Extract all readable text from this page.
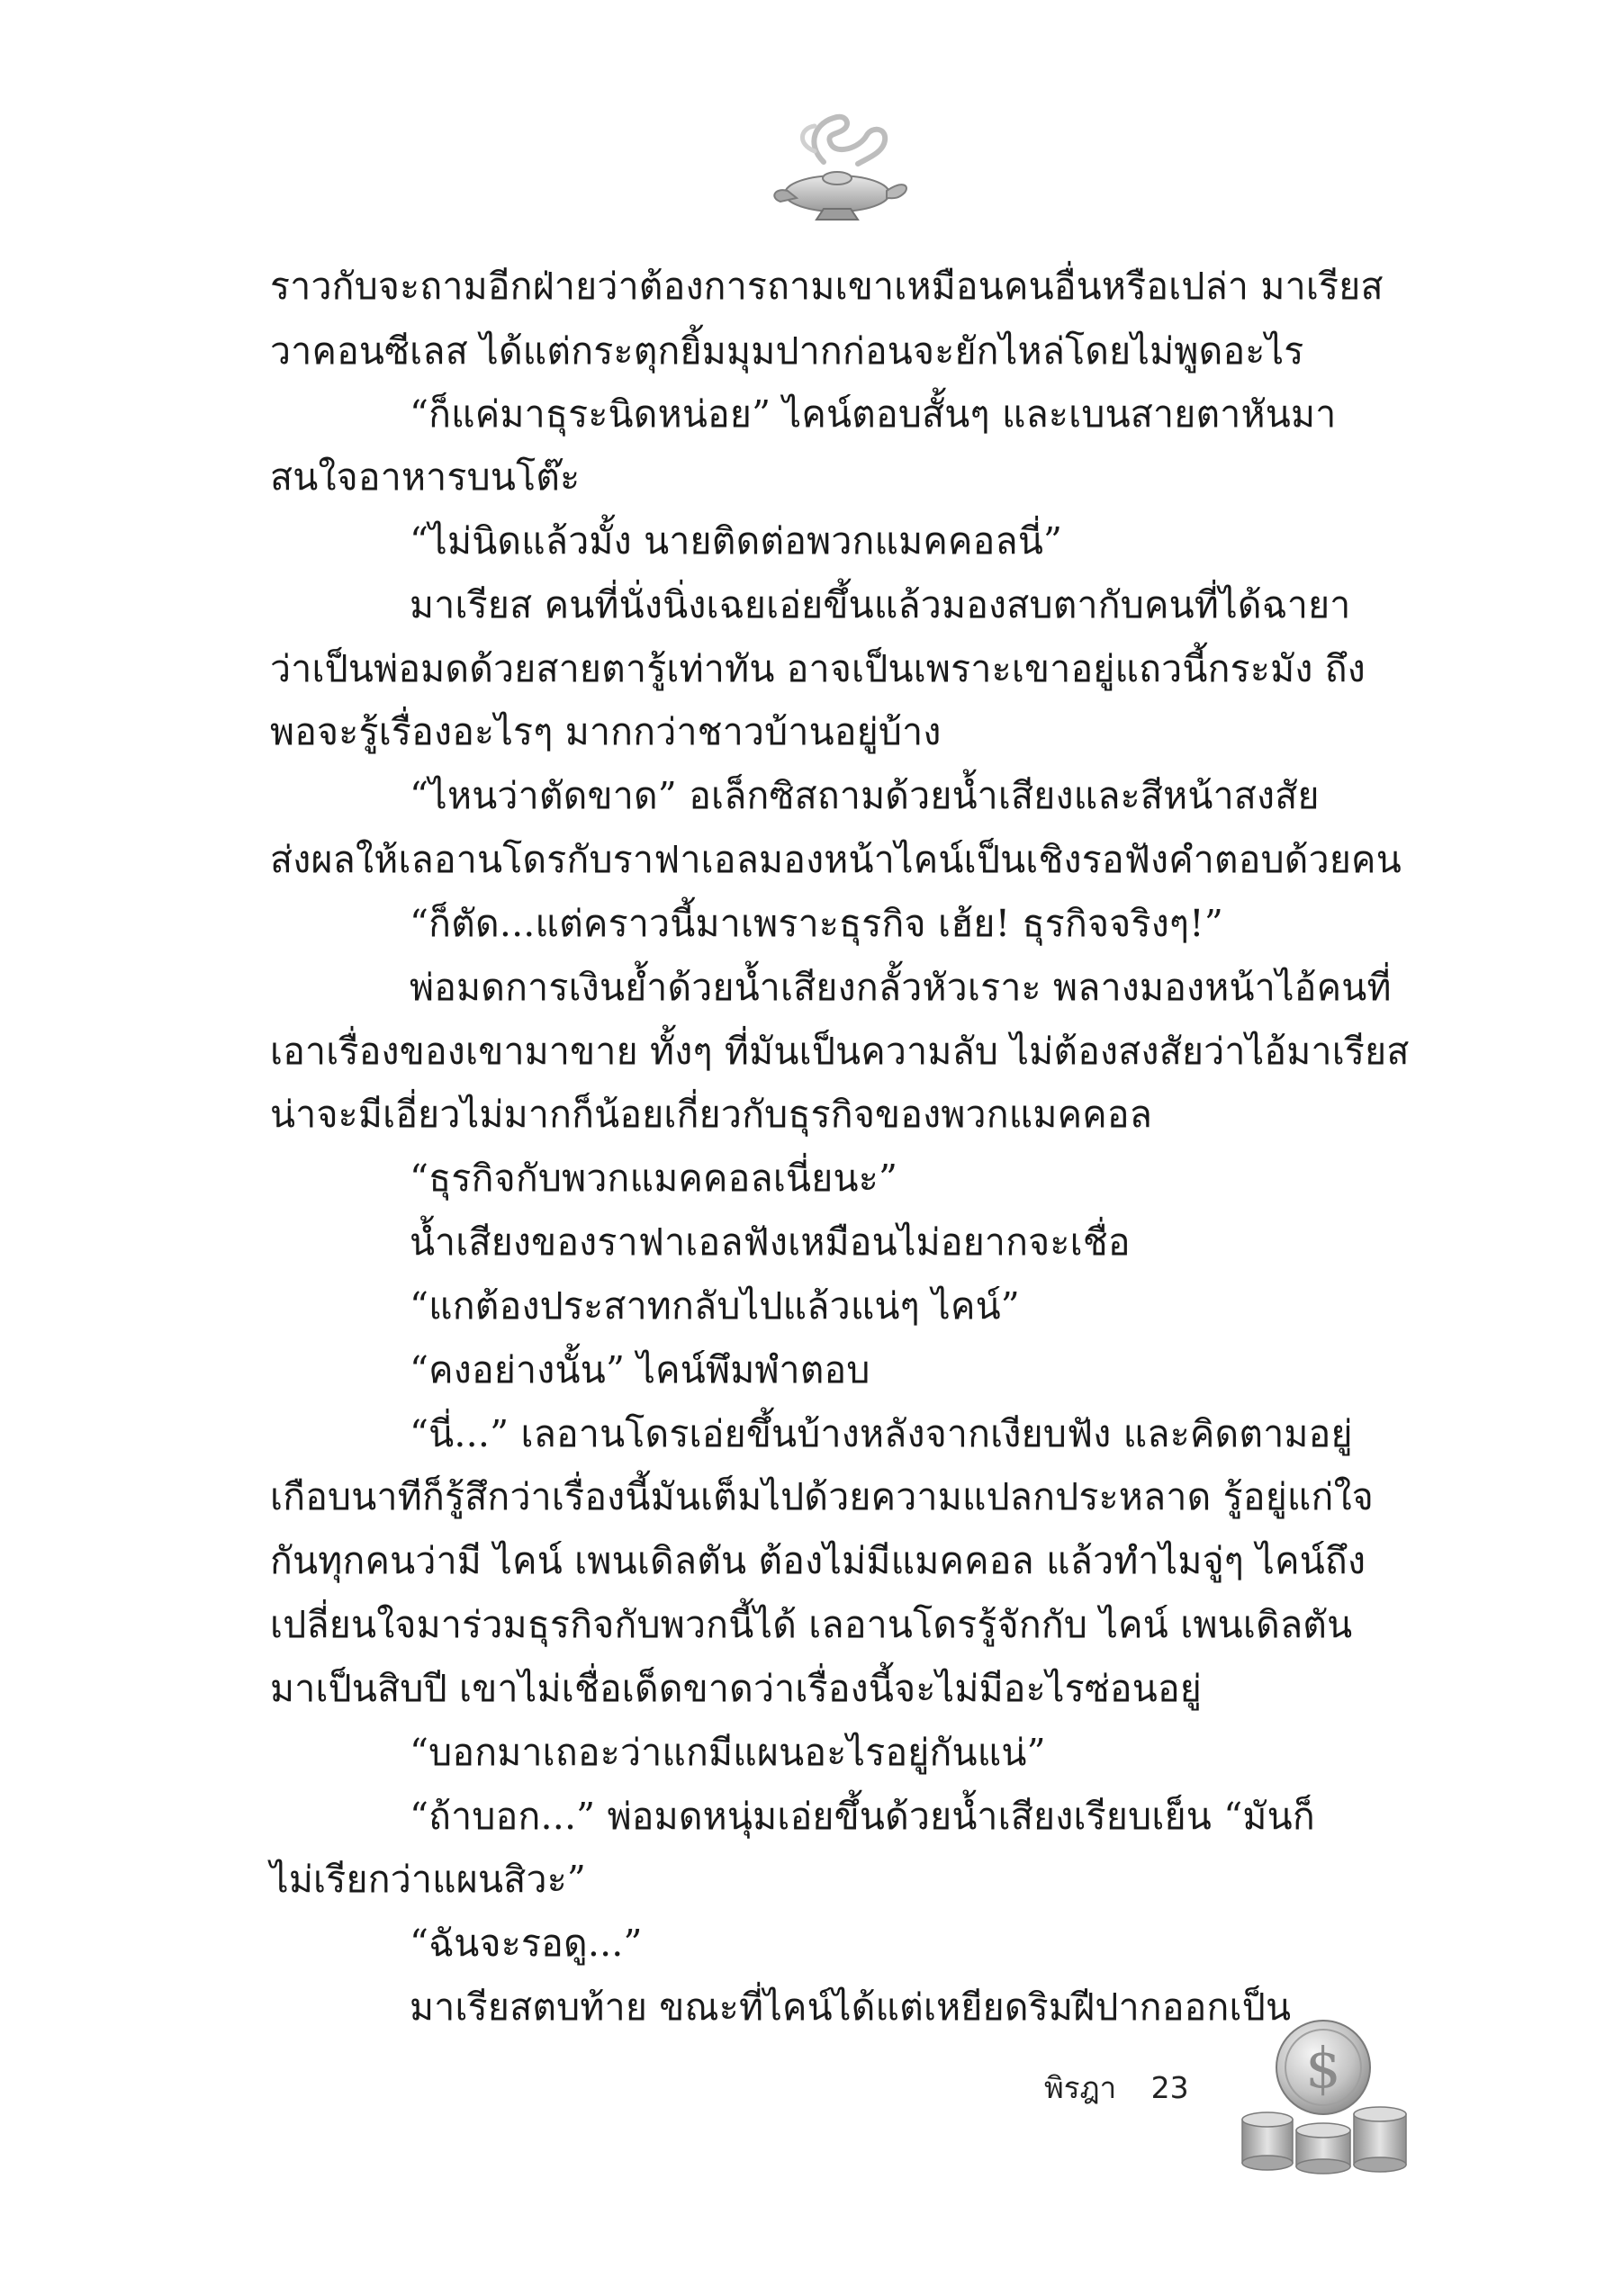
ราวกับจะถามอีกฝ่ายว่าต้องการถามเขาเหมือนคนอื่นหรือเปล่า มาเรียส
วาคอนซีเลส ได้แต่กระตุกยิ้มมุมปากก่อนจะยักไหล่โดยไม่พูดอะไร
“ก็แค่มาธุระนิดหน่อย” ไคน์ตอบสั้นๆ และเบนสายตาหันมา
สนใจอาหารบนโต๊ะ
“ไม่นิดแล้วมั้ง นายติดต่อพวกแมคคอลนี่”
มาเรียส คนที่นั่งนิ่งเฉยเอ่ยขึ้นแล้วมองสบตากับคนที่ได้ฉายา
ว่าเป็นพ่อมดด้วยสายตารู้เท่าทัน อาจเป็นเพราะเขาอยู่แถวนี้กระมัง ถึง
พอจะรู้เรื่องอะไรๆ มากกว่าชาวบ้านอยู่บ้าง
“ไหนว่าตัดขาด” อเล็กซิสถามด้วยน้ำเสียงและสีหน้าสงสัย
ส่งผลให้เลอานโดรกับราฟาเอลมองหน้าไคน์เป็นเชิงรอฟังคำตอบด้วยคน
“ก็ตัด...แต่คราวนี้มาเพราะธุรกิจ เฮ้ย! ธุรกิจจริงๆ!”
พ่อมดการเงินย้ำด้วยน้ำเสียงกลั้วหัวเราะ พลางมองหน้าไอ้คนที่
เอาเรื่องของเขามาขาย ทั้งๆ ที่มันเป็นความลับ ไม่ต้องสงสัยว่าไอ้มาเรียส
น่าจะมีเอี่ยวไม่มากก็น้อยเกี่ยวกับธุรกิจของพวกแมคคอล
“ธุรกิจกับพวกแมคคอลเนี่ยนะ”
น้ำเสียงของราฟาเอลฟังเหมือนไม่อยากจะเชื่อ
“แกต้องประสาทกลับไปแล้วแน่ๆ ไคน์”
“คงอย่างนั้น” ไคน์พึมพำตอบ
“นี่...” เลอานโดรเอ่ยขึ้นบ้างหลังจากเงียบฟัง และคิดตามอยู่
เกือบนาทีก็รู้สึกว่าเรื่องนี้มันเต็มไปด้วยความแปลกประหลาด รู้อยู่แก่ใจ
กันทุกคนว่ามี ไคน์ เพนเดิลตัน ต้องไม่มีแมคคอล แล้วทำไมจู่ๆ ไคน์ถึง
เปลี่ยนใจมาร่วมธุรกิจกับพวกนี้ได้ เลอานโดรรู้จักกับ ไคน์ เพนเดิลตัน
มาเป็นสิบปี เขาไม่เชื่อเด็ดขาดว่าเรื่องนี้จะไม่มีอะไรซ่อนอยู่
“บอกมาเถอะว่าแกมีแผนอะไรอยู่กันแน่”
“ถ้าบอก...” พ่อมดหนุ่มเอ่ยขึ้นด้วยน้ำเสียงเรียบเย็น “มันก็
ไม่เรียกว่าแผนสิวะ”
“ฉันจะรอดู...”
มาเรียสตบท้าย ขณะที่ไคน์ได้แต่เหยียดริมฝีปากออกเป็น
พิรฎา 23 $
